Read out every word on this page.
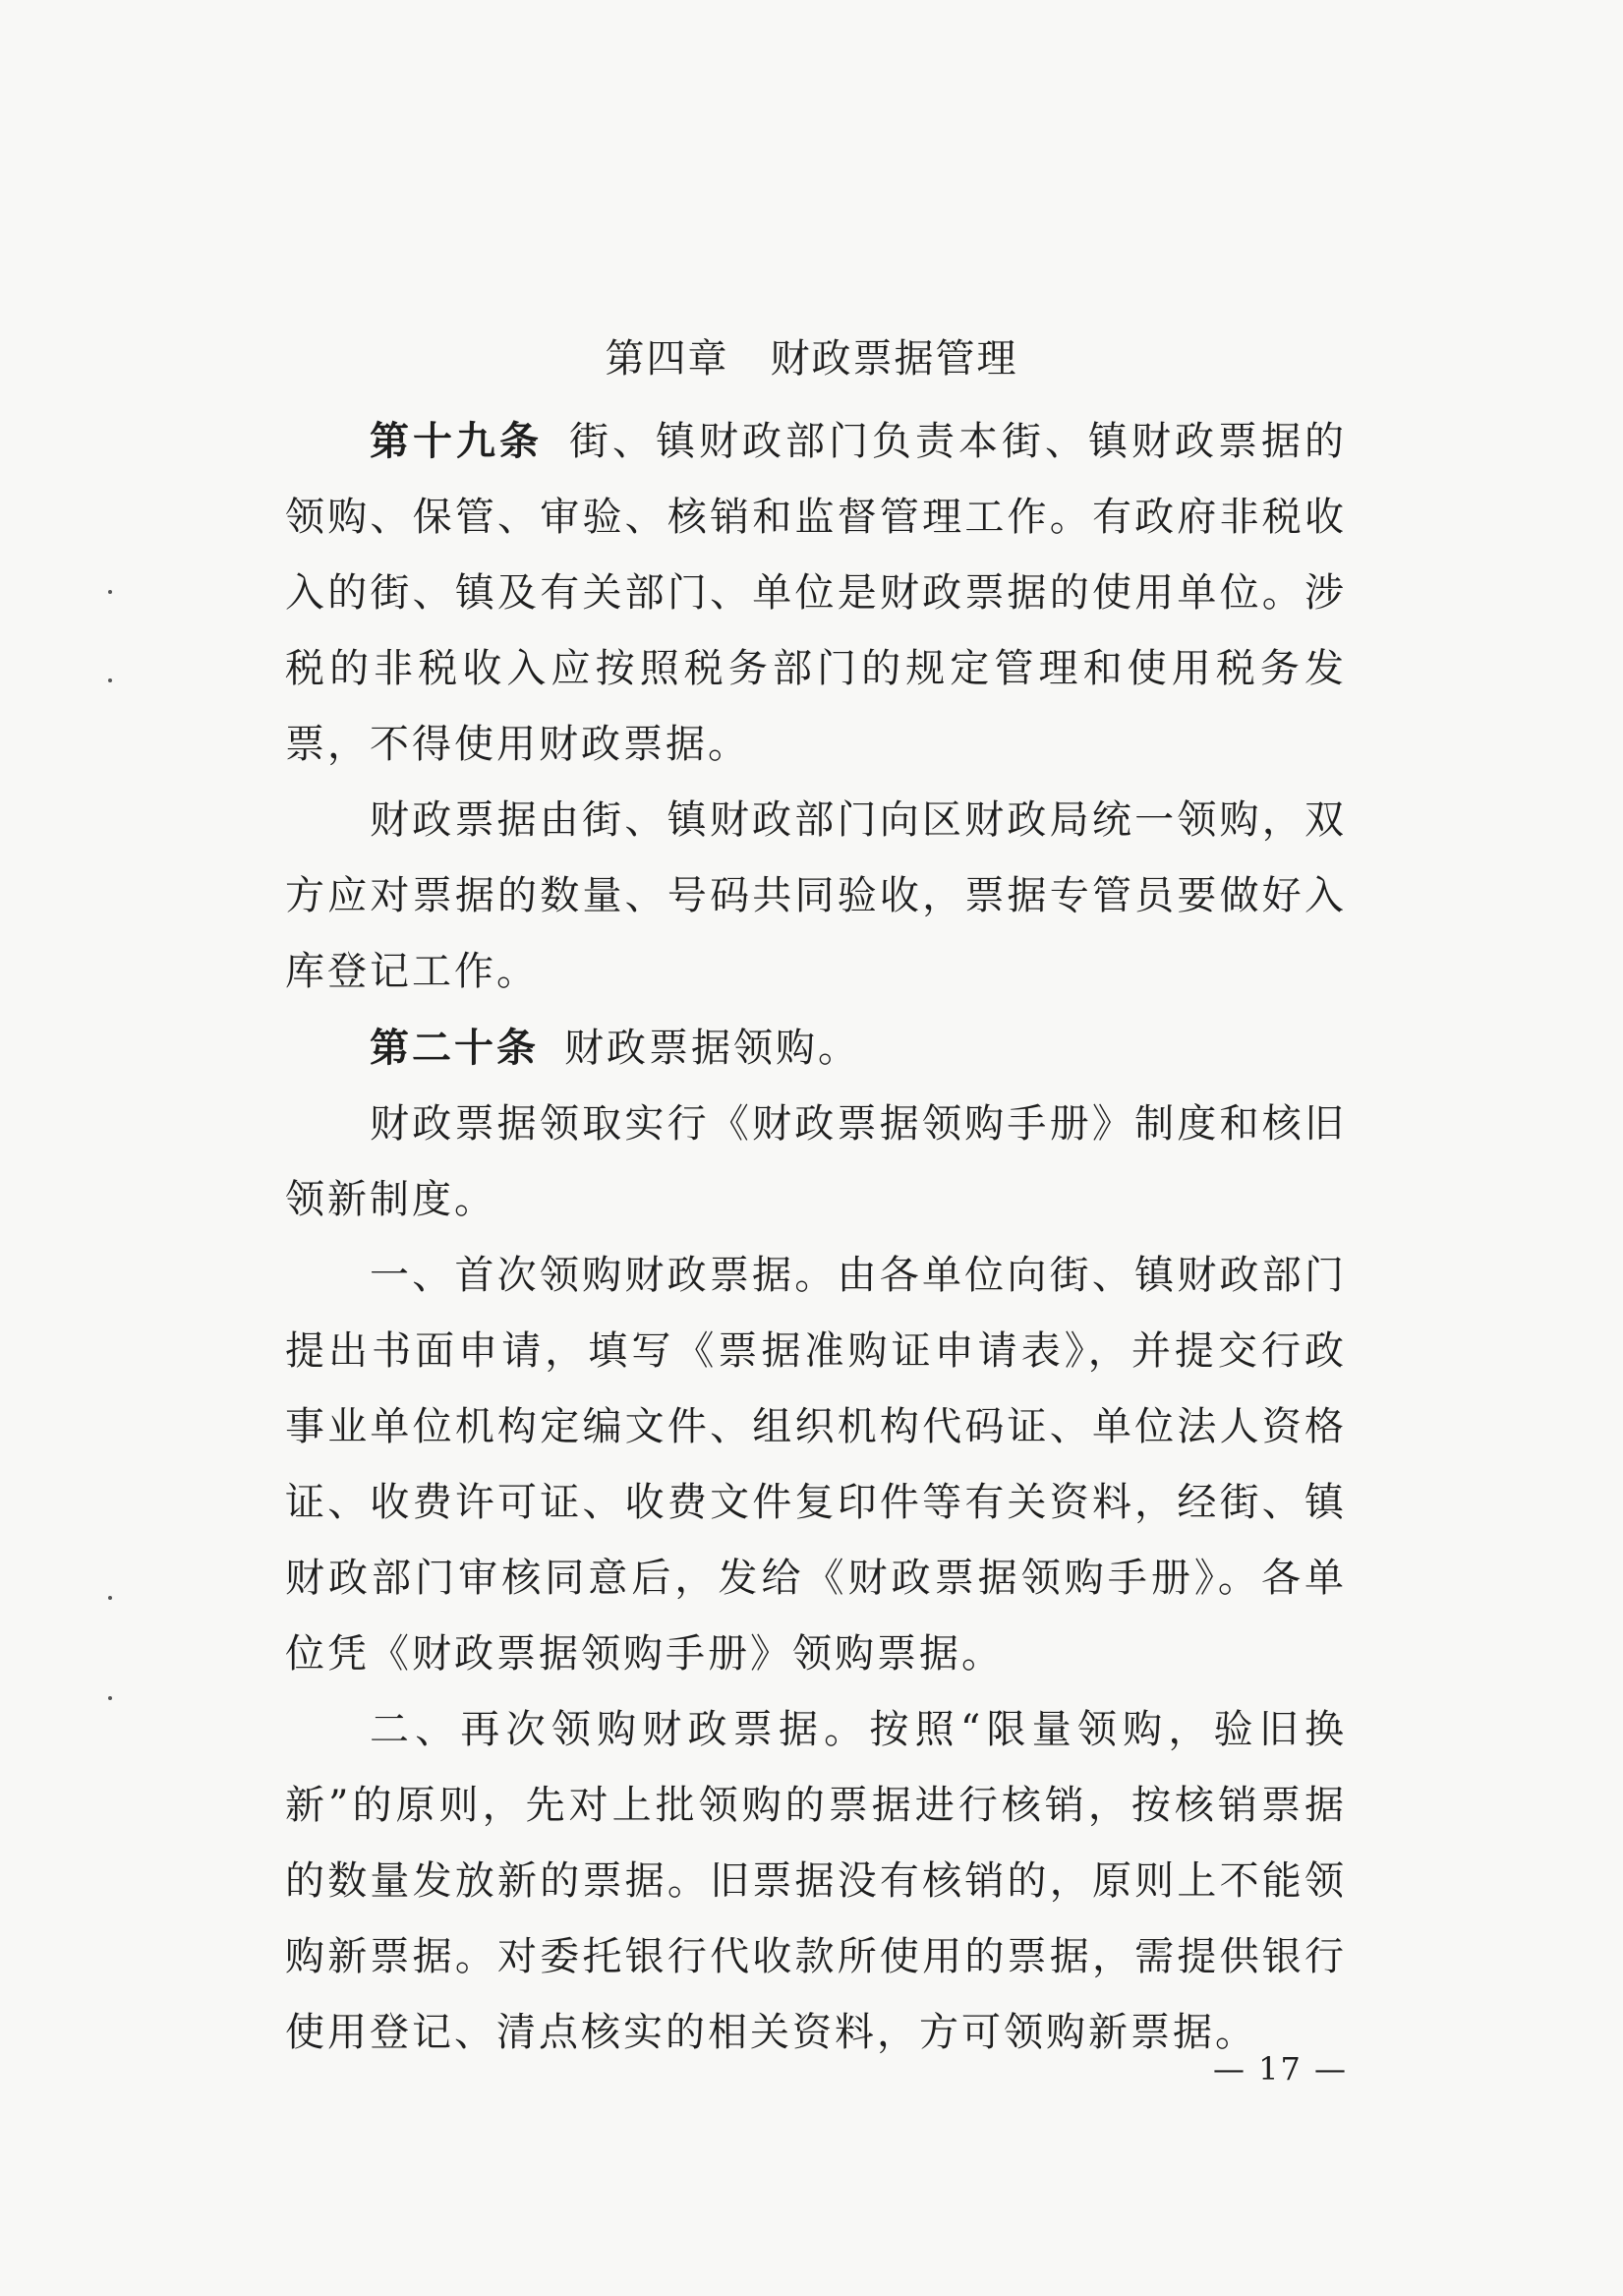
第四章　财政票据管理

第十九条 街、镇财政部门负责本街、镇财政票据的领购、保管、审验、核销和监督管理工作。有政府非税收入的街、镇及有关部门、单位是财政票据的使用单位。涉税的非税收入应按照税务部门的规定管理和使用税务发票，不得使用财政票据。

财政票据由街、镇财政部门向区财政局统一领购，双方应对票据的数量、号码共同验收，票据专管员要做好入库登记工作。

第二十条 财政票据领购。

财政票据领取实行《财政票据领购手册》制度和核旧领新制度。

一、首次领购财政票据。由各单位向街、镇财政部门提出书面申请，填写《票据准购证申请表》，并提交行政事业单位机构定编文件、组织机构代码证、单位法人资格证、收费许可证、收费文件复印件等有关资料，经街、镇财政部门审核同意后，发给《财政票据领购手册》。各单位凭《财政票据领购手册》领购票据。

二、再次领购财政票据。按照“限量领购，验旧换新”的原则，先对上批领购的票据进行核销，按核销票据的数量发放新的票据。旧票据没有核销的，原则上不能领购新票据。对委托银行代收款所使用的票据，需提供银行使用登记、清点核实的相关资料，方可领购新票据。

— 17 —
